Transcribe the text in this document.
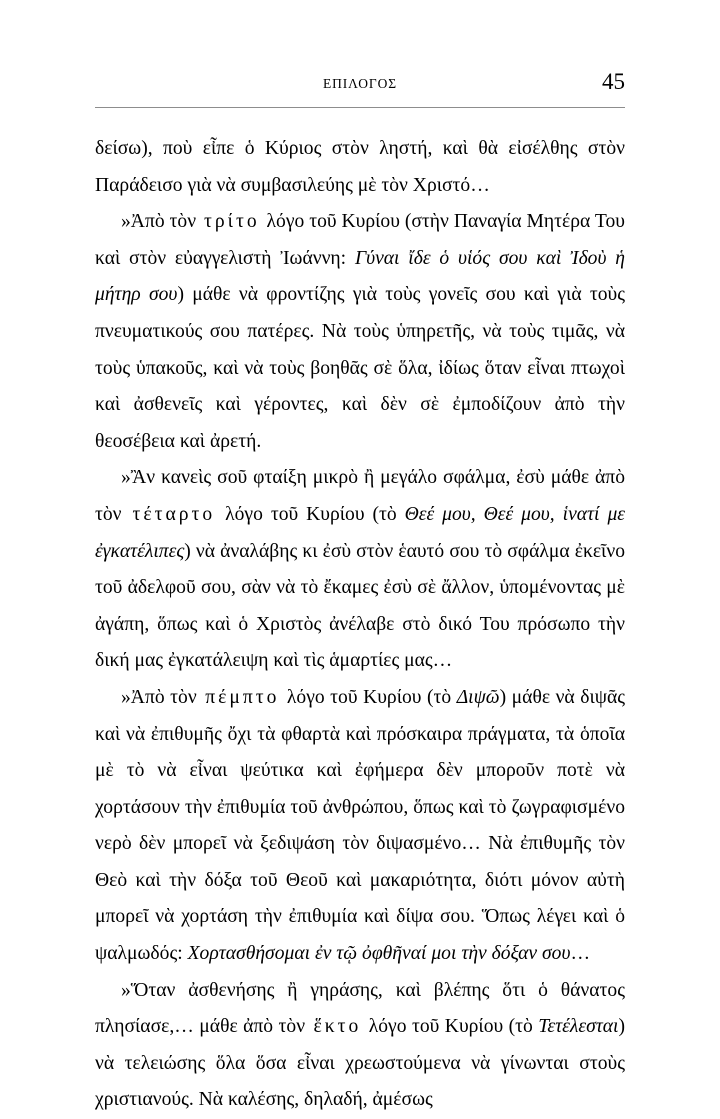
ΕΠΙΛΟΓΟΣ	45

δείσω), ποὺ εἶπε ὁ Κύριος στὸν ληστή, καὶ θὰ εἰσέλθης στὸν Παράδεισο γιὰ νὰ συμβασιλεύης μὲ τὸν Χριστό…

»Ἀπὸ τὸν τρίτο λόγο τοῦ Κυρίου (στὴν Παναγία Μητέρα Του καὶ στὸν εὐαγγελιστὴ Ἰωάννη: Γύναι ἴδε ὁ υἱός σου καὶ Ἰδοὺ ἡ μήτηρ σου) μάθε νὰ φροντίζης γιὰ τοὺς γονεῖς σου καὶ γιὰ τοὺς πνευματικούς σου πατέρες. Νὰ τοὺς ὑπηρετῆς, νὰ τοὺς τιμᾶς, νὰ τοὺς ὑπακοῦς, καὶ νὰ τοὺς βοηθᾶς σὲ ὅλα, ἰδίως ὅταν εἶναι πτωχοὶ καὶ ἀσθενεῖς καὶ γέροντες, καὶ δὲν σὲ ἐμποδίζουν ἀπὸ τὴν θεοσέβεια καὶ ἀρετή.

»Ἂν κανεὶς σοῦ φταίξη μικρὸ ἢ μεγάλο σφάλμα, ἐσὺ μάθε ἀπὸ τὸν τέταρτο λόγο τοῦ Κυρίου (τὸ Θεέ μου, Θεέ μου, ἱνατί με ἐγκατέλιπες) νὰ ἀναλάβης κι ἐσὺ στὸν ἑαυτό σου τὸ σφάλμα ἐκεῖνο τοῦ ἀδελφοῦ σου, σὰν νὰ τὸ ἔκαμες ἐσὺ σὲ ἄλλον, ὑπομένοντας μὲ ἀγάπη, ὅπως καὶ ὁ Χριστὸς ἀνέλαβε στὸ δικό Του πρόσωπο τὴν δική μας ἐγκατάλειψη καὶ τὶς ἁμαρτίες μας…

»Ἀπὸ τὸν πέμπτο λόγο τοῦ Κυρίου (τὸ Διψῶ) μάθε νὰ διψᾶς καὶ νὰ ἐπιθυμῆς ὄχι τὰ φθαρτὰ καὶ πρόσκαιρα πράγματα, τὰ ὁποῖα μὲ τὸ νὰ εἶναι ψεύτικα καὶ ἐφήμερα δὲν μποροῦν ποτὲ νὰ χορτάσουν τὴν ἐπιθυμία τοῦ ἀνθρώπου, ὅπως καὶ τὸ ζωγραφισμένο νερὸ δὲν μπορεῖ νὰ ξεδιψάση τὸν διψασμένο… Νὰ ἐπιθυμῆς τὸν Θεὸ καὶ τὴν δόξα τοῦ Θεοῦ καὶ μακαριότητα, διότι μόνον αὐτὴ μπορεῖ νὰ χορτάση τὴν ἐπιθυμία καὶ δίψα σου. Ὅπως λέγει καὶ ὁ ψαλμωδός: Χορτασθήσομαι ἐν τῷ ὀφθῆναί μοι τὴν δόξαν σου…

»Ὅταν ἀσθενήσης ἢ γηράσης, καὶ βλέπης ὅτι ὁ θάνατος πλησίασε,… μάθε ἀπὸ τὸν ἕκτο λόγο τοῦ Κυρίου (τὸ Τετέλεσται) νὰ τελειώσης ὅλα ὅσα εἶναι χρεωστούμενα νὰ γίνωνται στοὺς χριστιανούς. Νὰ καλέσης, δηλαδή, ἀμέσως
